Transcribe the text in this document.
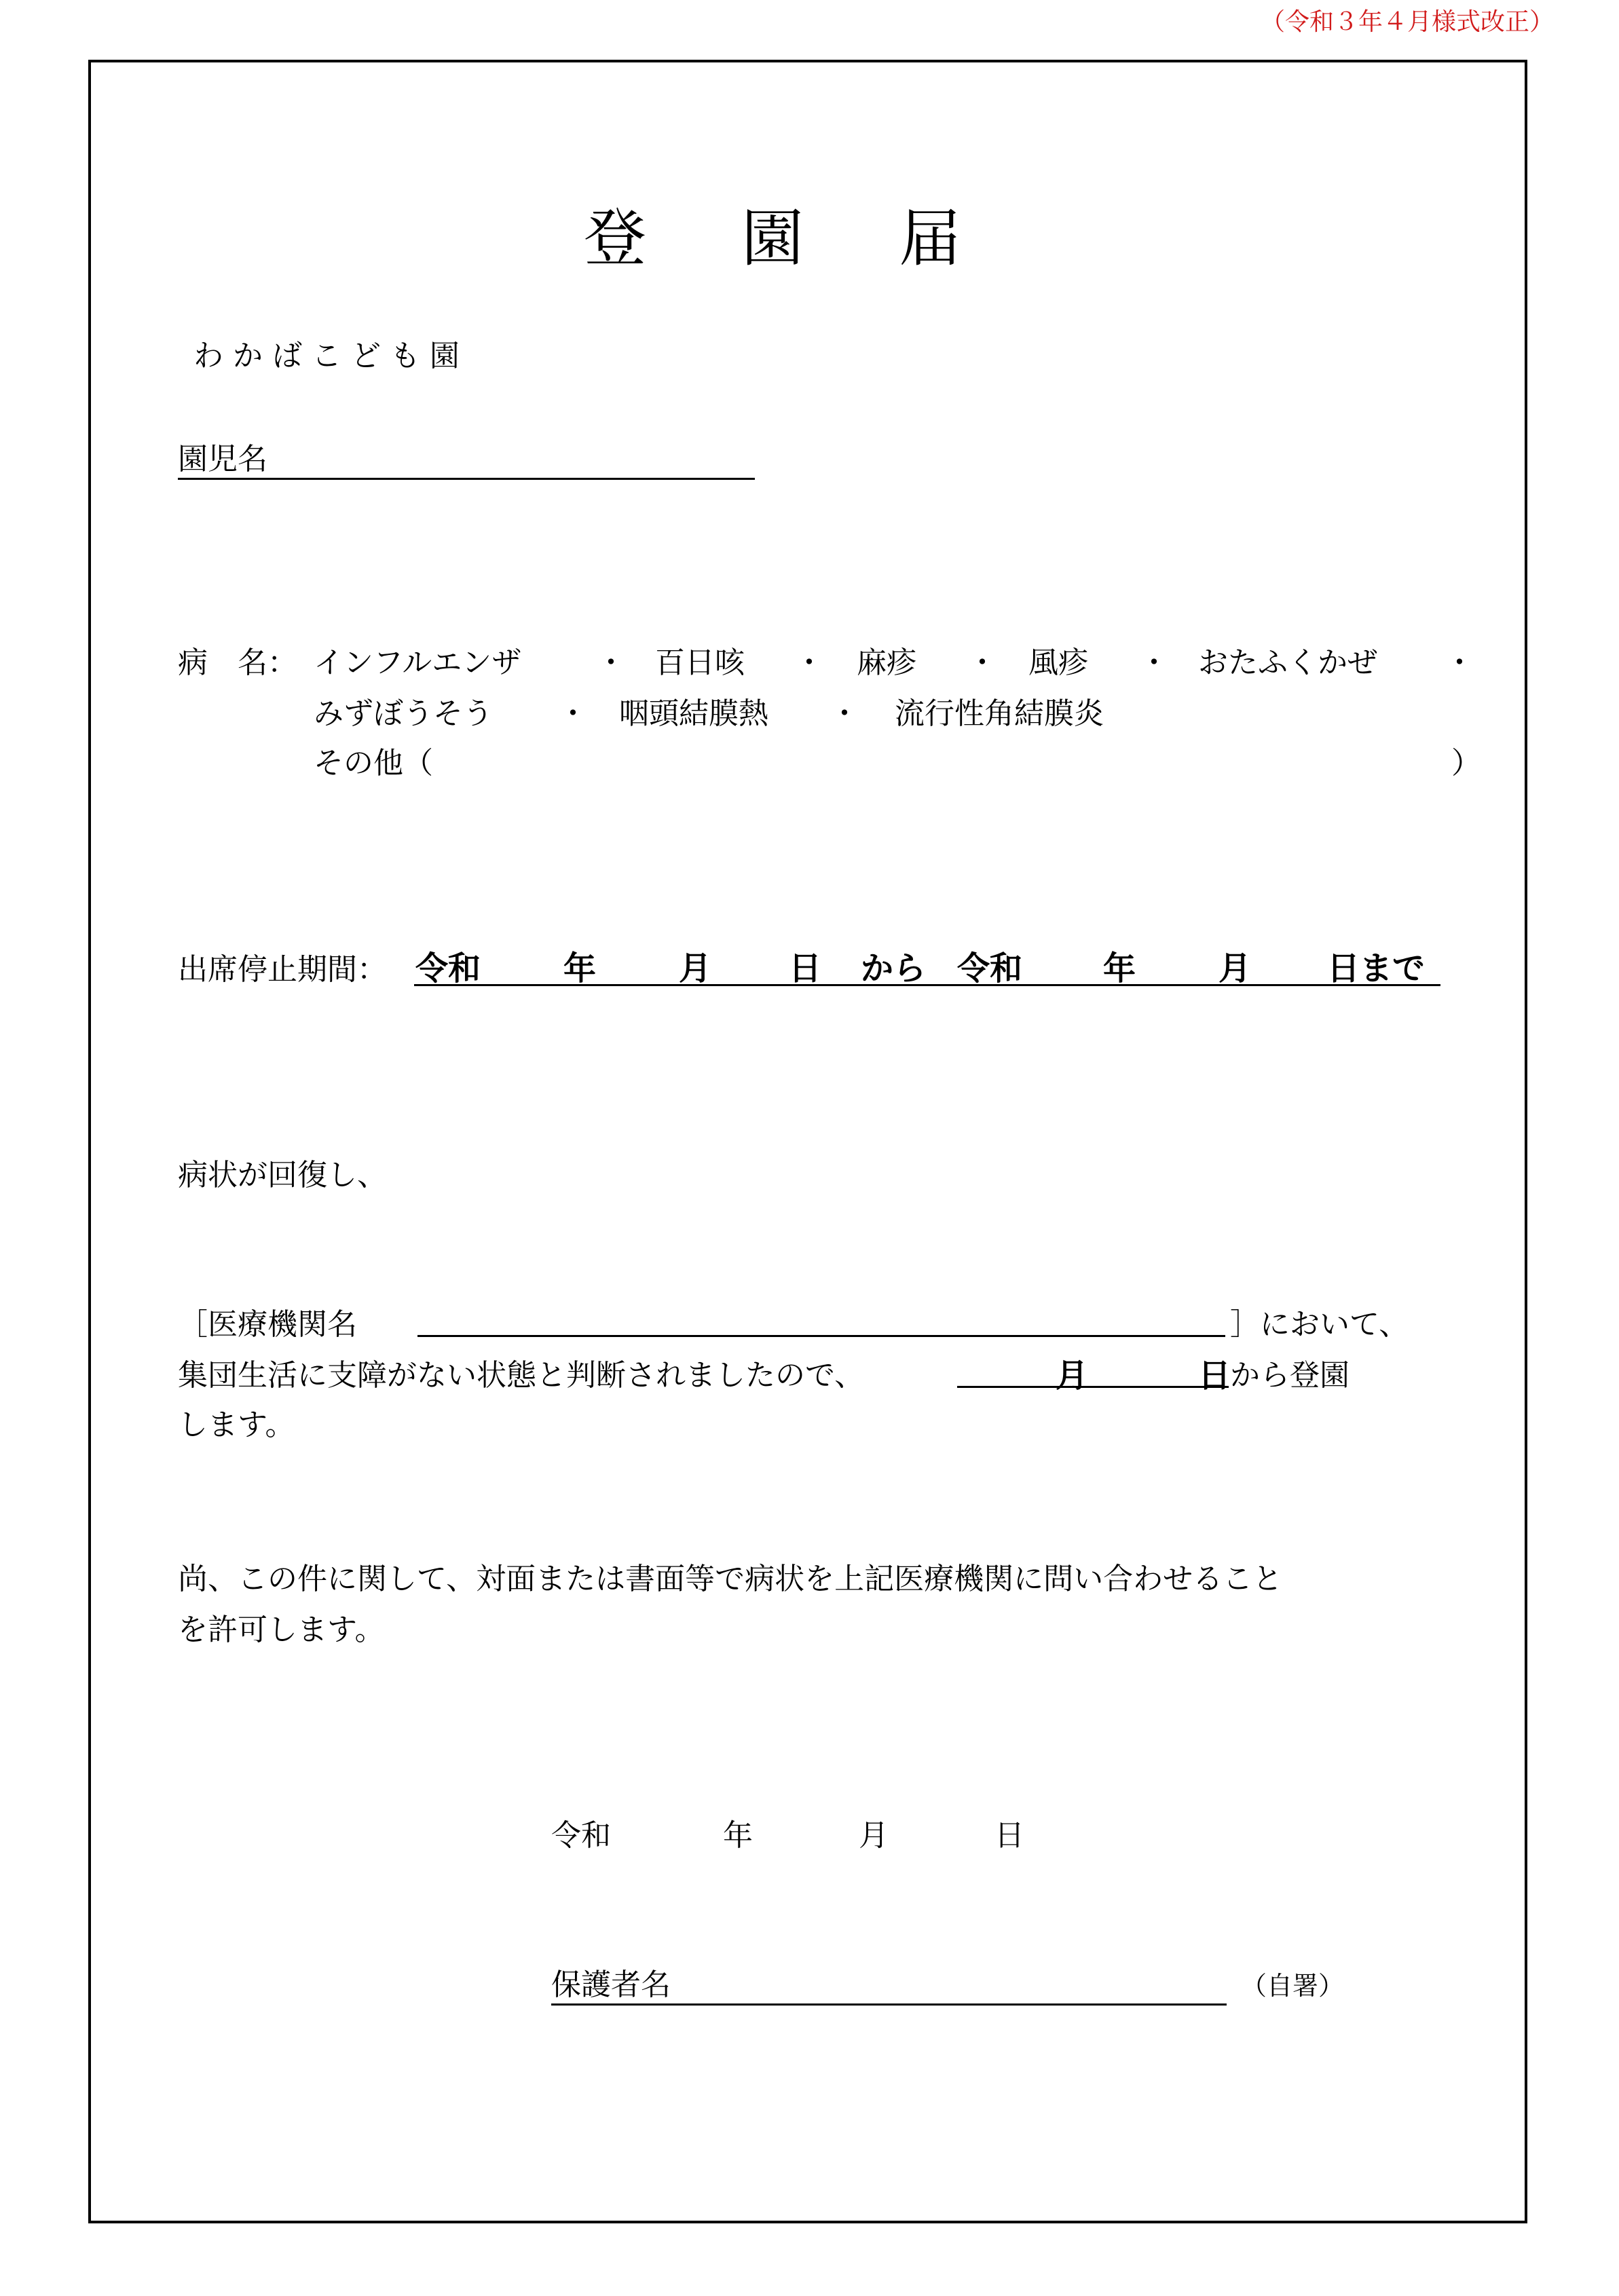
（令和３年４月様式改正）
登 園 届
わ か ば こ ど も 園
園児名
病　名： インフルエンザ ・ 百日咳 ・ 麻疹 ・ 風疹 ・ おたふくかぜ ・
みずぼうそう ・ 咽頭結膜熱 ・ 流行性角結膜炎
その他（	）
出席停止期間： 令和	年	月 日 から 令和 年	月 日まで
病状が回復し、
［医療機関名	］において、
集団生活に支障がない状態と判断されましたので、	月	日
から登園
します。
尚、この件に関して、対面または書面等で病状を上記医療機関に問い合わせること
を許可します。
令和	年	月	日
保護者名	（自署）
